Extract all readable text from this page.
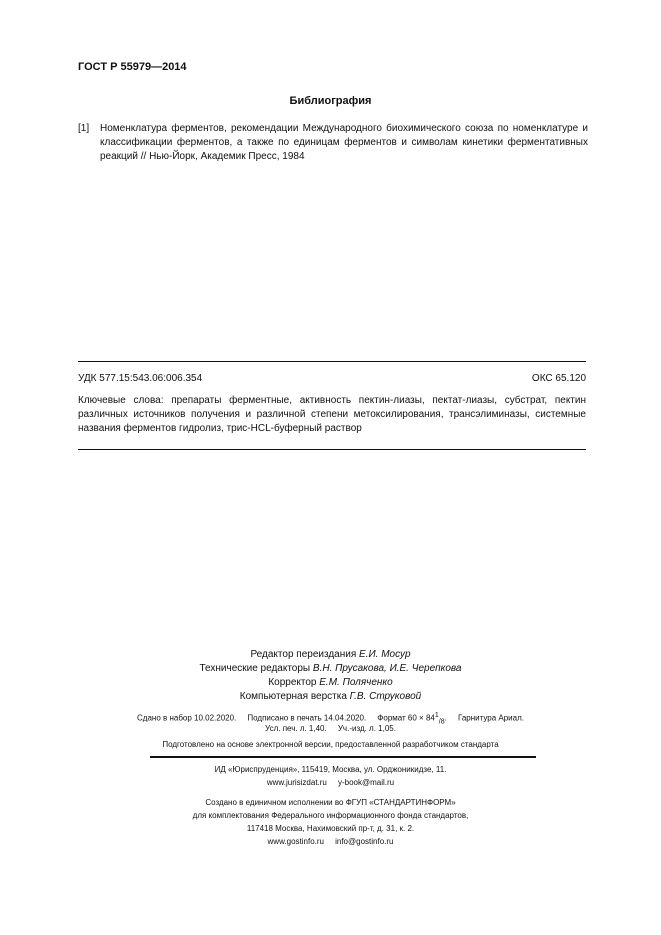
ГОСТ Р 55979—2014
Библиография
[1] Номенклатура ферментов, рекомендации Международного биохимического союза по номенклатуре и классификации ферментов, а также по единицам ферментов и символам кинетики ферментативных реакций // Нью-Йорк, Академик Пресс, 1984
УДК 577.15:543.06:006.354	ОКС 65.120
Ключевые слова: препараты ферментные, активность пектин-лиазы, пектат-лиазы, субстрат, пектин различных источников получения и различной степени метоксилирования, трансэлиминазы, системные названия ферментов гидролиз, трис-HCL-буферный раствор
Редактор переиздания Е.И. Мосур
Технические редакторы В.Н. Прусакова, И.Е. Черепкова
Корректор Е.М. Поляченко
Компьютерная верстка Г.В. Струковой
Сдано в набор 10.02.2020.     Подписано в печать 14.04.2020.     Формат $60 \times 84^1_{/8}$.     Гарнитура Ариал.
Усл. печ. л. 1,40.     Уч.-изд. л. 1,05.
Подготовлено на основе электронной версии, предоставленной разработчиком стандарта
ИД «Юриспруденция», 115419, Москва, ул. Орджоникидзе, 11.
www.jurisizdat.ru     y-book@mail.ru
Создано в единичном исполнении во ФГУП «СТАНДАРТИНФОРМ»
для комплектования Федерального информационного фонда стандартов,
117418 Москва, Нахимовский пр-т, д. 31, к. 2.
www.gostinfo.ru     info@gostinfo.ru
